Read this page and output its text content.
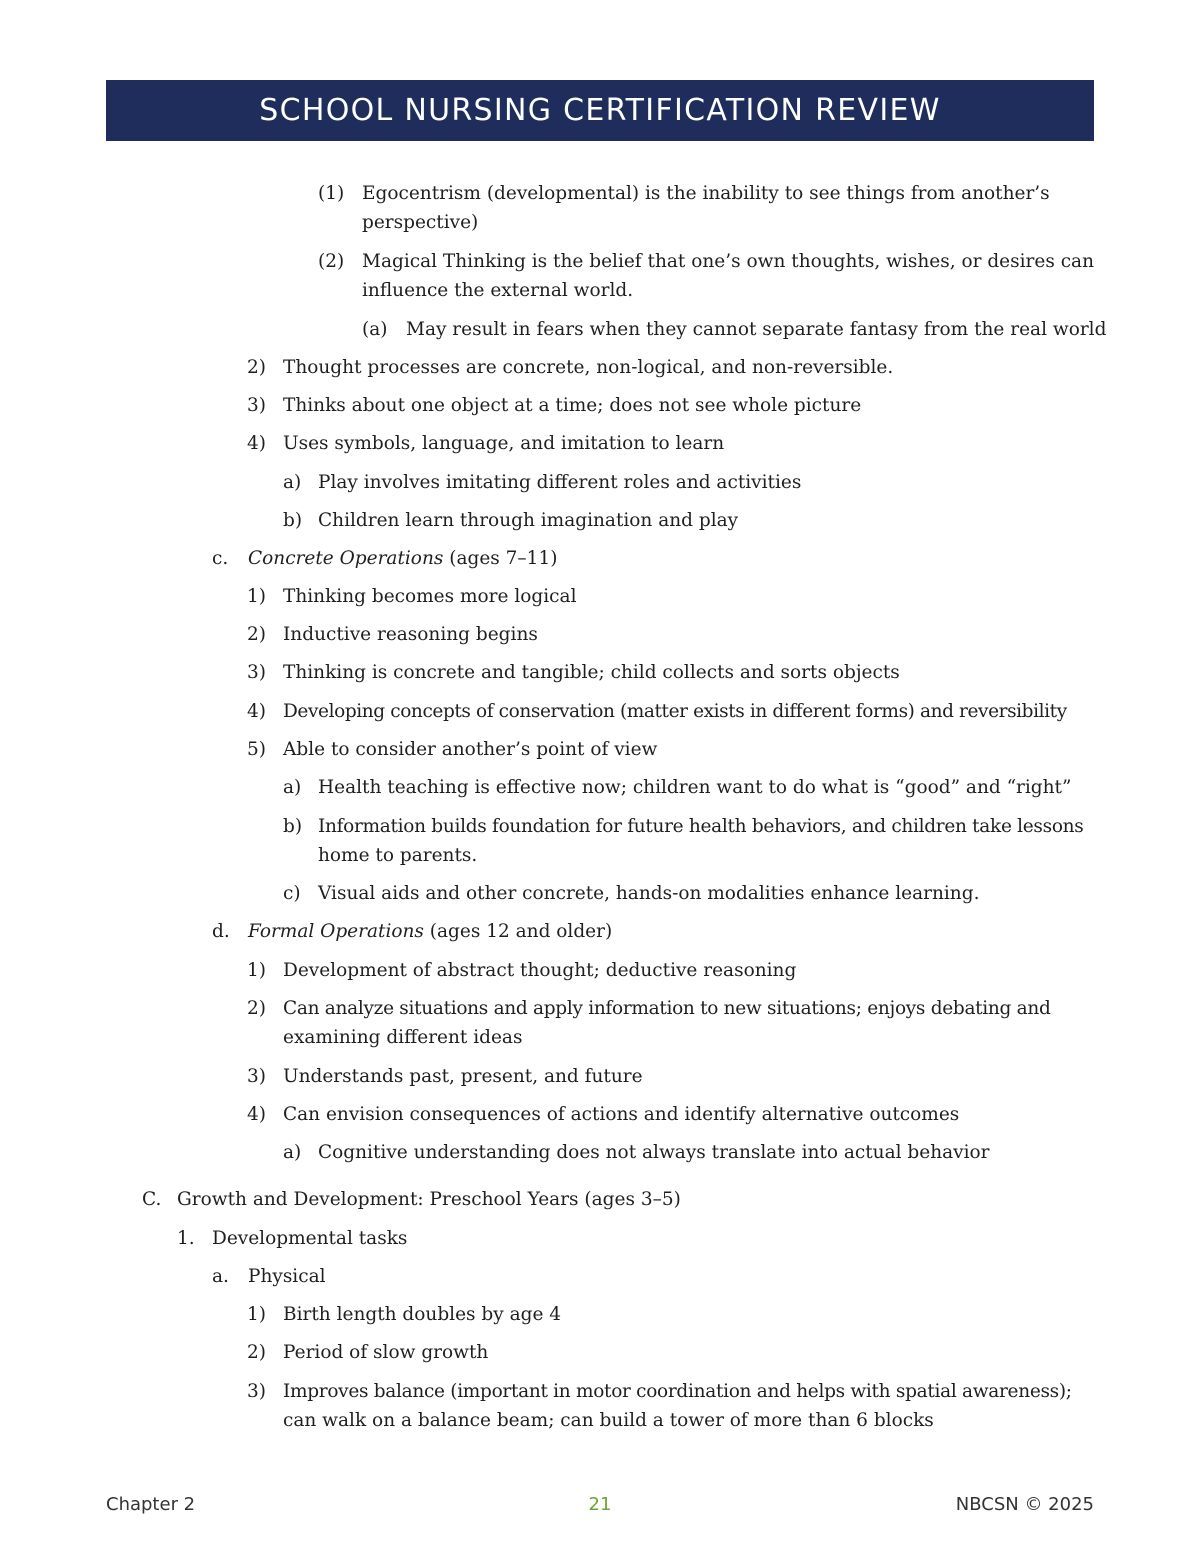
SCHOOL NURSING CERTIFICATION REVIEW
(1) Egocentrism (developmental) is the inability to see things from another’s
perspective)
(2) Magical Thinking is the belief that one’s own thoughts, wishes, or desires can
influence the external world.
(a) May result in fears when they cannot separate fantasy from the real world
2) Thought processes are concrete, non-logical, and non-reversible.
3) Thinks about one object at a time; does not see whole picture
4) Uses symbols, language, and imitation to learn
a) Play involves imitating different roles and activities
b) Children learn through imagination and play
c. Concrete Operations (ages 7–11)
1) Thinking becomes more logical
2) Inductive reasoning begins
3) Thinking is concrete and tangible; child collects and sorts objects
4) Developing concepts of conservation (matter exists in different forms) and reversibility
5) Able to consider another’s point of view
a) Health teaching is effective now; children want to do what is “good” and “right”
b) Information builds foundation for future health behaviors, and children take lessons
home to parents.
c) Visual aids and other concrete, hands-on modalities enhance learning.
d. Formal Operations (ages 12 and older)
1) Development of abstract thought; deductive reasoning
2) Can analyze situations and apply information to new situations; enjoys debating and
examining different ideas
3) Understands past, present, and future
4) Can envision consequences of actions and identify alternative outcomes
a) Cognitive understanding does not always translate into actual behavior
C. Growth and Development: Preschool Years (ages 3–5)
1. Developmental tasks
a. Physical
1) Birth length doubles by age 4
2) Period of slow growth
3) Improves balance (important in motor coordination and helps with spatial awareness);
can walk on a balance beam; can build a tower of more than 6 blocks
Chapter 2	21	NBCSN © 2025
